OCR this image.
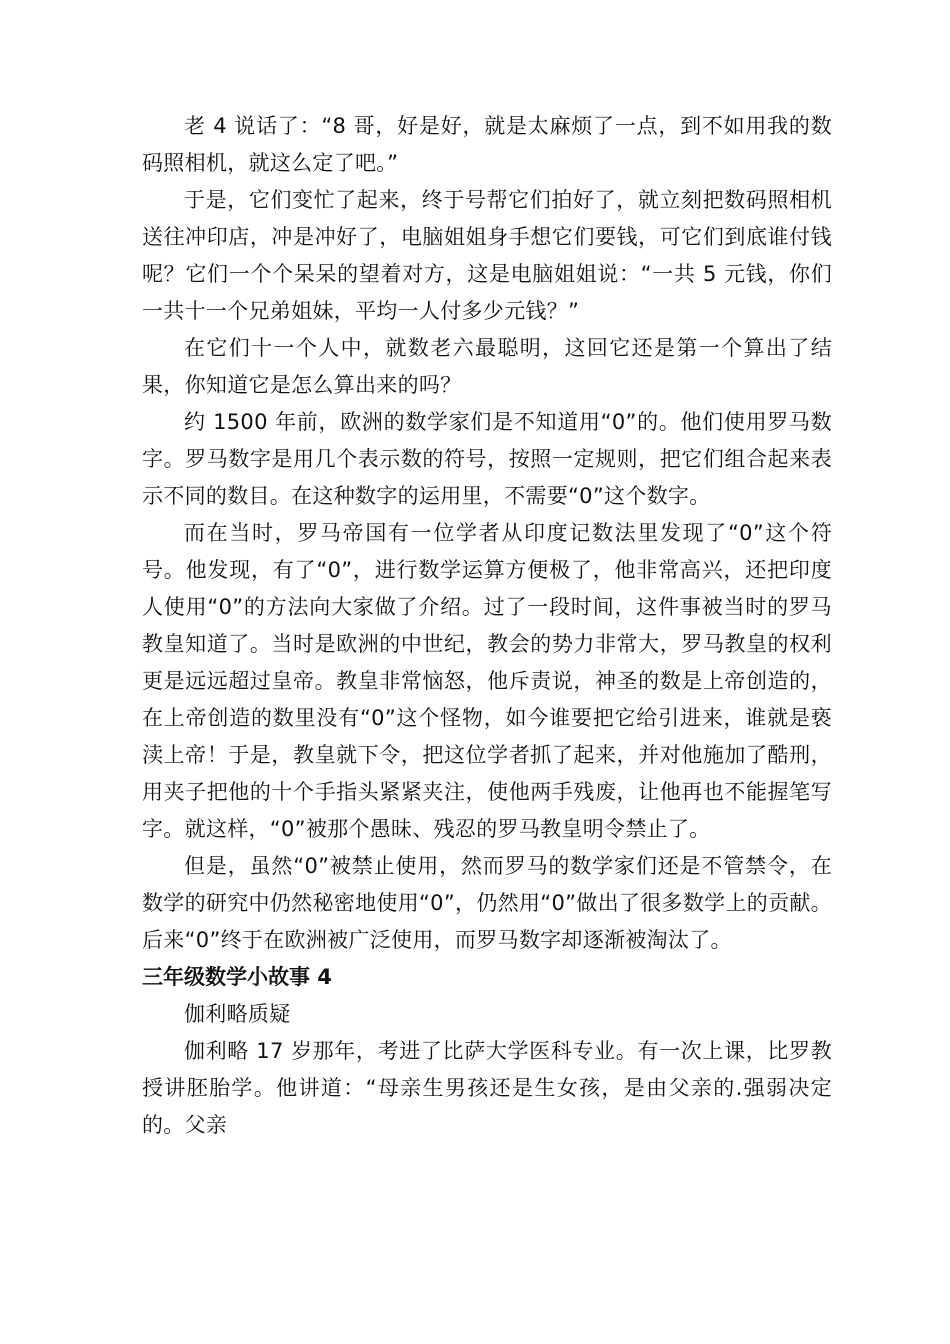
老 4 说话了：“8 哥，好是好，就是太麻烦了一点，到不如用我的数码照相机，就这么定了吧。”

于是，它们变忙了起来，终于号帮它们拍好了，就立刻把数码照相机送往冲印店，冲是冲好了，电脑姐姐身手想它们要钱，可它们到底谁付钱呢？它们一个个呆呆的望着对方，这是电脑姐姐说：“一共 5 元钱，你们一共十一个兄弟姐妹，平均一人付多少元钱？”

在它们十一个人中，就数老六最聪明，这回它还是第一个算出了结果，你知道它是怎么算出来的吗？

约 1500 年前，欧洲的数学家们是不知道用“0”的。他们使用罗马数字。罗马数字是用几个表示数的符号，按照一定规则，把它们组合起来表示不同的数目。在这种数字的运用里，不需要“0”这个数字。

而在当时，罗马帝国有一位学者从印度记数法里发现了“0”这个符号。他发现，有了“0”，进行数学运算方便极了，他非常高兴，还把印度人使用“0”的方法向大家做了介绍。过了一段时间，这件事被当时的罗马教皇知道了。当时是欧洲的中世纪，教会的势力非常大，罗马教皇的权利更是远远超过皇帝。教皇非常恼怒，他斥责说，神圣的数是上帝创造的，在上帝创造的数里没有“0”这个怪物，如今谁要把它给引进来，谁就是亵渎上帝！于是，教皇就下令，把这位学者抓了起来，并对他施加了酷刑，用夹子把他的十个手指头紧紧夹注，使他两手残废，让他再也不能握笔写字。就这样，“0”被那个愚昧、残忍的罗马教皇明令禁止了。

但是，虽然“0”被禁止使用，然而罗马的数学家们还是不管禁令，在数学的研究中仍然秘密地使用“0”，仍然用“0”做出了很多数学上的贡献。后来“0”终于在欧洲被广泛使用，而罗马数字却逐渐被淘汰了。

三年级数学小故事 4

伽利略质疑

伽利略 17 岁那年，考进了比萨大学医科专业。有一次上课，比罗教授讲胚胎学。他讲道：“母亲生男孩还是生女孩，是由父亲的.强弱决定的。父亲
